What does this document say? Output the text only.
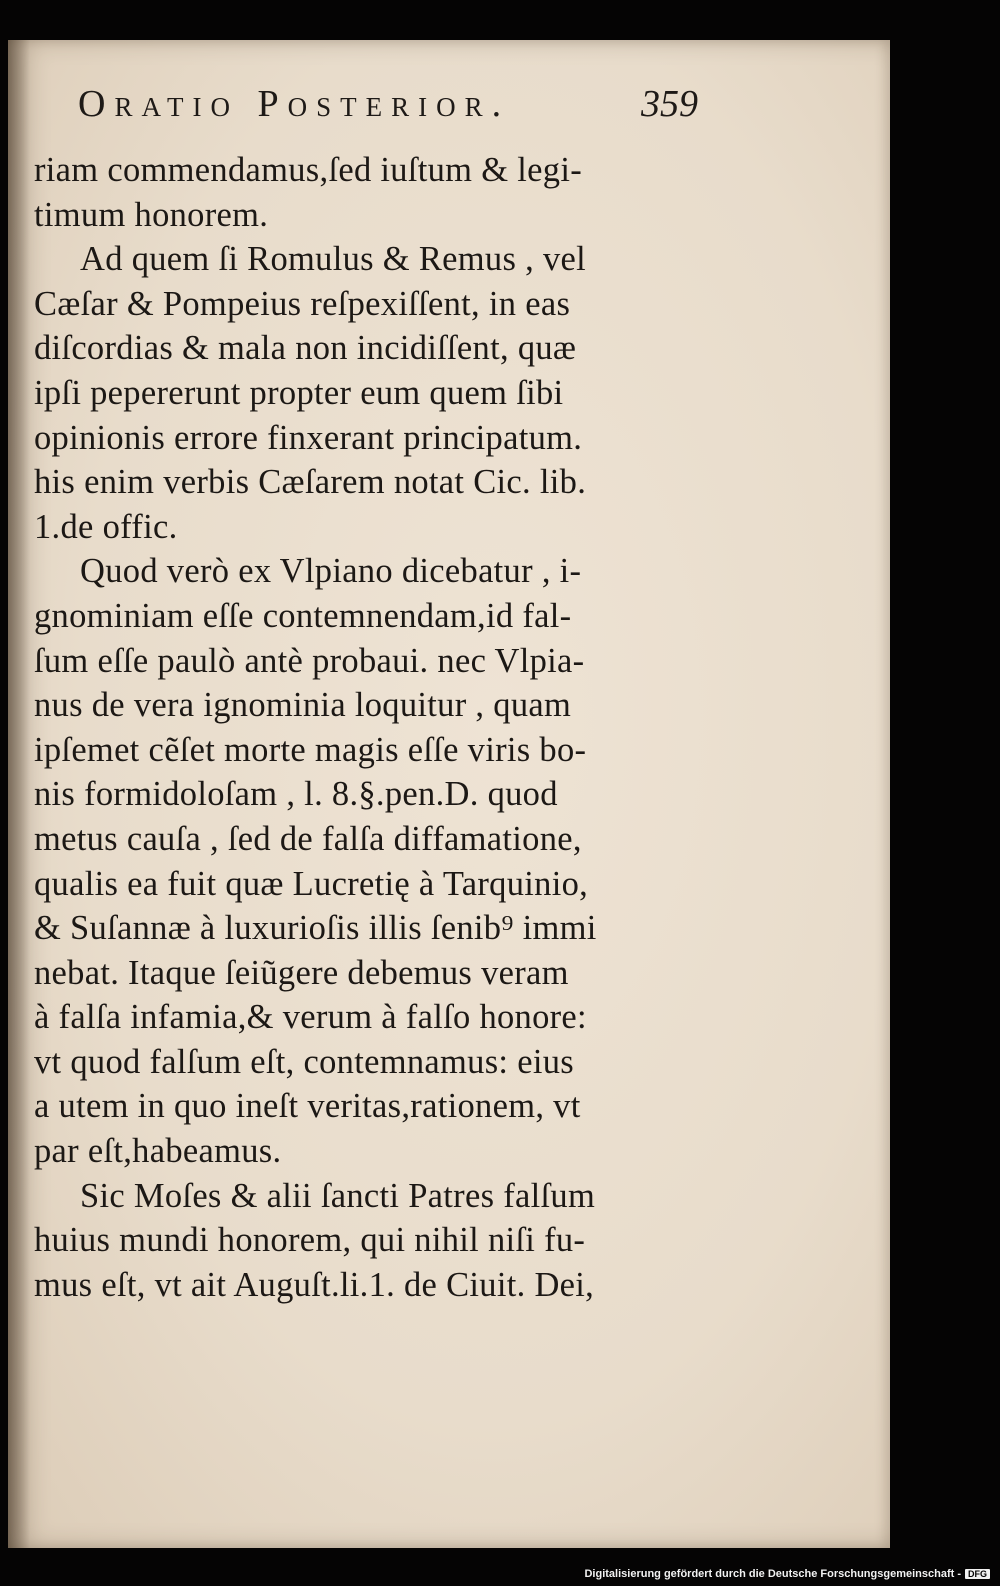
Oratio Posterior.	359
riam commendamus,ſed iuſtum & legi-
timum honorem.
Ad quem ſi Romulus & Remus , vel
Cæſar & Pompeius reſpexiſſent, in eas
diſcordias & mala non incidiſſent, quæ
ipſi pepererunt propter eum quem ſibi
opinionis errore finxerant principatum.
his enim verbis Cæſarem notat Cic. lib.
1.de offic.
Quod verò ex Vlpiano dicebatur , i-
gnominiam eſſe contemnendam,id fal-
ſum eſſe paulò antè probaui. nec Vlpia-
nus de vera ignominia loquitur , quam
ipſemet cẽſet morte magis eſſe viris bo-
nis formidoloſam , l. 8.§.pen.D. quod
metus cauſa , ſed de falſa diffamatione,
qualis ea fuit quæ Lucretię à Tarquinio,
& Suſannæ à luxurioſis illis ſenib⁹ immi
nebat. Itaque ſeiũgere debemus veram
à falſa infamia,& verum à falſo honore:
vt quod falſum eſt, contemnamus: eius
a utem in quo ineſt veritas,rationem, vt
par eſt,habeamus.
Sic Moſes & alii ſancti Patres falſum
huius mundi honorem, qui nihil niſi fu-
mus eſt, vt ait Auguſt.li.1. de Ciuit. Dei,
Digitalisierung gefördert durch die Deutsche Forschungsgemeinschaft - DFG
